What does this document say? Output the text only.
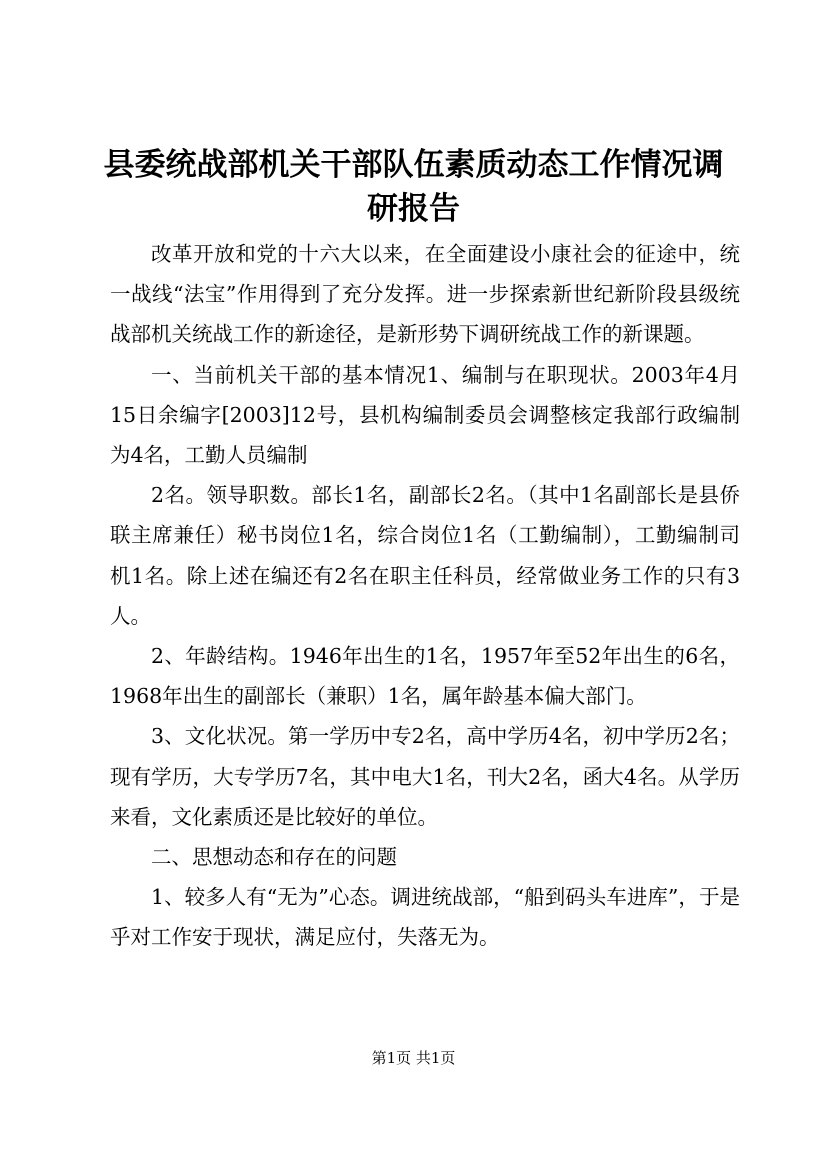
县委统战部机关干部队伍素质动态工作情况调研报告

改革开放和党的十六大以来，在全面建设小康社会的征途中，统一战线“法宝”作用得到了充分发挥。进一步探索新世纪新阶段县级统战部机关统战工作的新途径，是新形势下调研统战工作的新课题。

一、当前机关干部的基本情况1、编制与在职现状。2003年4月15日余编字[2003]12号，县机构编制委员会调整核定我部行政编制为4名，工勤人员编制

2名。领导职数。部长1名，副部长2名。（其中1名副部长是县侨联主席兼任）秘书岗位1名，综合岗位1名（工勤编制），工勤编制司机1名。除上述在编还有2名在职主任科员，经常做业务工作的只有3人。

2、年龄结构。1946年出生的1名，1957年至52年出生的6名，1968年出生的副部长（兼职）1名，属年龄基本偏大部门。

3、文化状况。第一学历中专2名，高中学历4名，初中学历2名；现有学历，大专学历7名，其中电大1名，刊大2名，函大4名。从学历来看，文化素质还是比较好的单位。

二、思想动态和存在的问题

1、较多人有“无为”心态。调进统战部，“船到码头车进库”，于是乎对工作安于现状，满足应付，失落无为。

第1页 共1页
